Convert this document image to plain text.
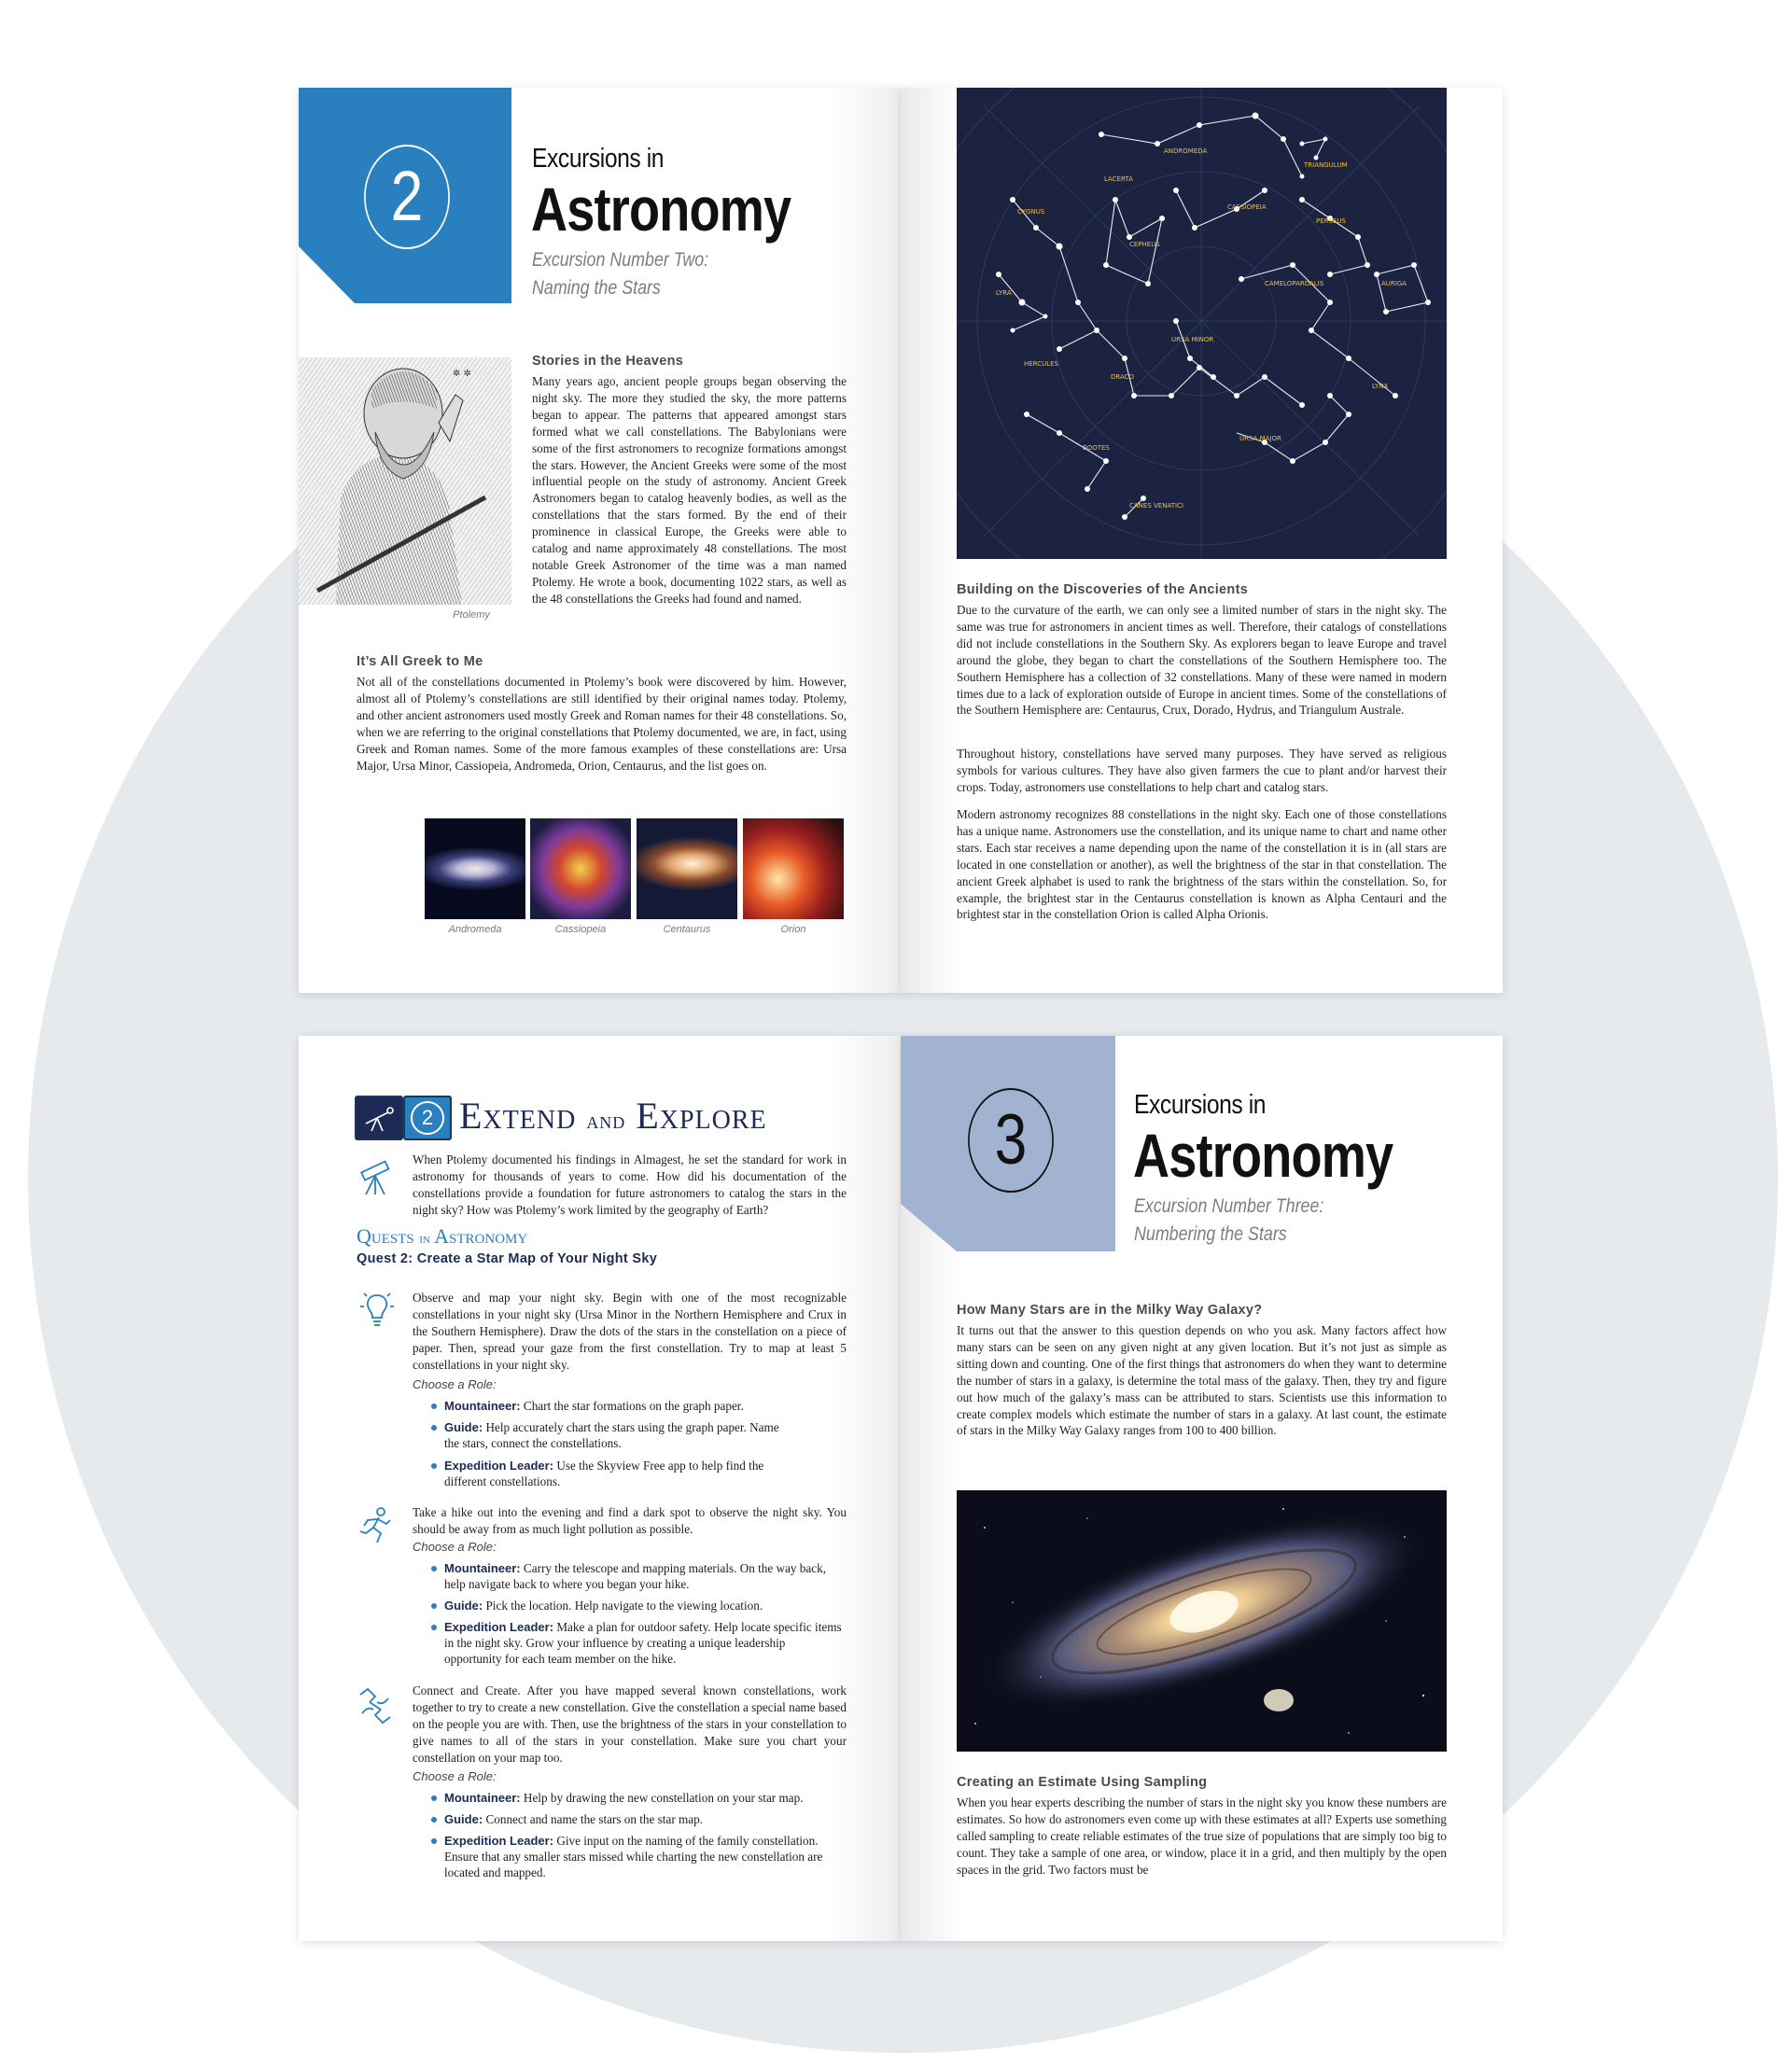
2	Excursions in
Astronomy
Excursion Number Two:
Naming the Stars
✲ ✲
Ptolemy
Stories in the Heavens

Many years ago, ancient people groups began observing the night sky. The more they studied the sky, the more patterns began to appear. The patterns that appeared amongst stars formed what we call constellations. The Babylonians were some of the first astronomers to recognize formations amongst the stars. However, the Ancient Greeks were some of the most influential people on the study of astronomy. Ancient Greek Astronomers began to catalog heavenly bodies, as well as the constellations that the stars formed. By the end of their prominence in classical Europe, the Greeks were able to catalog and name approximately 48 constellations. The most notable Greek Astronomer of the time was a man named Ptolemy. He wrote a book, documenting 1022 stars, as well as the 48 constellations the Greeks had found and named.

It’s All Greek to Me

Not all of the constellations documented in Ptolemy’s book were discovered by him. However, almost all of Ptolemy’s constellations are still identified by their original names today. Ptolemy, and other ancient astronomers used mostly Greek and Roman names for their 48 constellations. So, when we are referring to the original constellations that Ptolemy documented, we are, in fact, using Greek and Roman names. Some of the more famous examples of these constellations are: Ursa Major, Ursa Minor, Cassiopeia, Andromeda, Orion, Centaurus, and the list goes on.

Andromeda	Cassiopeia	Centaurus	Orion
ANDROMEDA
TRIANGULUM
LACERTA
CASSIOPEIA
CYGNUS
PERSEUS
CEPHEUS
CAMELOPARDALIS	AURIGA
LYRA
URSA MINOR
HERCULES
DRACO
LYNX
BOOTES
URSA MAJOR
CANES VENATICI
Building on the Discoveries of the Ancients

Due to the curvature of the earth, we can only see a limited number of stars in the night sky. The same was true for astronomers in ancient times as well. Therefore, their catalogs of constellations did not include constellations in the Southern Sky. As explorers began to leave Europe and travel around the globe, they began to chart the constellations of the Southern Hemisphere too. The Southern Hemisphere has a collection of 32 constellations. Many of these were named in modern times due to a lack of exploration outside of Europe in ancient times. Some of the constellations of the Southern Hemisphere are: Centaurus, Crux, Dorado, Hydrus, and Triangulum Australe.

Throughout history, constellations have served many purposes. They have served as religious symbols for various cultures. They have also given farmers the cue to plant and/or harvest their crops. Today, astronomers use constellations to help chart and catalog stars.

Modern astronomy recognizes 88 constellations in the night sky. Each one of those constellations has a unique name. Astronomers use the constellation, and its unique name to chart and name other stars. Each star receives a name depending upon the name of the constellation it is in (all stars are located in one constellation or another), as well the brightness of the star in that constellation. The ancient Greek alphabet is used to rank the brightness of the stars within the constellation. So, for example, the brightest star in the Centaurus constellation is known as Alpha Centauri and the brightest star in the constellation Orion is called Alpha Orionis.

2 Extend and Explore

When Ptolemy documented his findings in Almagest, he set the standard for work in astronomy for thousands of years to come. How did his documentation of the constellations provide a foundation for future astronomers to catalog the stars in the night sky? How was Ptolemy’s work limited by the geography of Earth?

Quests in Astronomy
Quest 2: Create a Star Map of Your Night Sky

Observe and map your night sky. Begin with one of the most recognizable constellations in your night sky (Ursa Minor in the Northern Hemisphere and Crux in the Southern Hemisphere). Draw the dots of the stars in the constellation on a piece of paper. Then, spread your gaze from the first constellation. Try to map at least 5 constellations in your night sky.

Choose a Role:
Mountaineer: Chart the star formations on the graph paper.
Guide: Help accurately chart the stars using the graph paper. Name the stars, connect the constellations.
Expedition Leader: Use the Skyview Free app to help find the different constellations.

Take a hike out into the evening and find a dark spot to observe the night sky. You should be away from as much light pollution as possible.

Choose a Role:
Mountaineer: Carry the telescope and mapping materials. On the way back, help navigate back to where you began your hike.
Guide: Pick the location. Help navigate to the viewing location.
Expedition Leader: Make a plan for outdoor safety. Help locate specific items in the night sky. Grow your influence by creating a unique leadership opportunity for each team member on the hike.

Connect and Create. After you have mapped several known constellations, work together to try to create a new constellation. Give the constellation a special name based on the people you are with. Then, use the brightness of the stars in your constellation to give names to all of the stars in your constellation. Make sure you chart your constellation on your map too.

Choose a Role:
Mountaineer: Help by drawing the new constellation on your star map.
Guide: Connect and name the stars on the star map.
Expedition Leader: Give input on the naming of the family constellation. Ensure that any smaller stars missed while charting the new constellation are located and mapped.
3	Excursions in
Astronomy
Excursion Number Three:
Numbering the Stars
How Many Stars are in the Milky Way Galaxy?

It turns out that the answer to this question depends on who you ask. Many factors affect how many stars can be seen on any given night at any given location. But it’s not just as simple as sitting down and counting. One of the first things that astronomers do when they want to determine the number of stars in a galaxy, is determine the total mass of the galaxy. Then, they try and figure out how much of the galaxy’s mass can be attributed to stars. Scientists use this information to create complex models which estimate the number of stars in a galaxy. At last count, the estimate of stars in the Milky Way Galaxy ranges from 100 to 400 billion.

Creating an Estimate Using Sampling

When you hear experts describing the number of stars in the night sky you know these numbers are estimates. So how do astronomers even come up with these estimates at all? Experts use something called sampling to create reliable estimates of the true size of populations that are simply too big to count. They take a sample of one area, or window, place it in a grid, and then multiply by the open spaces in the grid. Two factors must be
